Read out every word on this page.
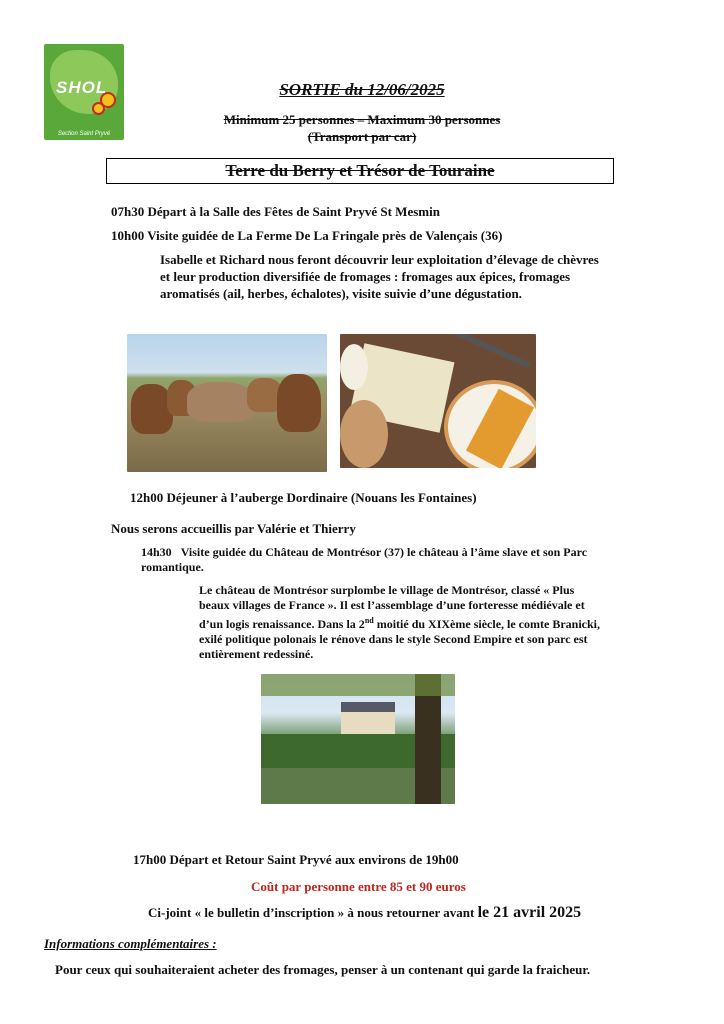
SHOL
Section Saint Pryvé
SORTIE du 12/06/2025
Minimum 25 personnes – Maximum 30 personnes
(Transport par car)
Terre du Berry et Trésor de Touraine
07h30 Départ à la Salle des Fêtes de Saint Pryvé St Mesmin
10h00 Visite guidée de La Ferme De La Fringale près de Valençais (36)
Isabelle et Richard nous feront découvrir leur exploitation d’élevage de chèvres et leur production diversifiée de fromages : fromages aux épices, fromages aromatisés (ail, herbes, échalotes), visite suivie d’une dégustation.
12h00 Déjeuner à l’auberge Dordinaire (Nouans les Fontaines)
Nous serons accueillis par Valérie et Thierry
14h30 Visite guidée du Château de Montrésor (37) le château à l’âme slave et son Parc romantique.
Le château de Montrésor surplombe le village de Montrésor, classé « Plus beaux villages de France ». Il est l’assemblage d’une forteresse médiévale et d’un logis renaissance. Dans la 2nd moitié du XIXème siècle, le comte Branicki, exilé politique polonais le rénove dans le style Second Empire et son parc est entièrement redessiné.
17h00 Départ et Retour Saint Pryvé aux environs de 19h00
Coût par personne entre 85 et 90 euros
Ci-joint « le bulletin d’inscription » à nous retourner avant le 21 avril 2025
Informations complémentaires :
Pour ceux qui souhaiteraient acheter des fromages, penser à un contenant qui garde la fraicheur.
